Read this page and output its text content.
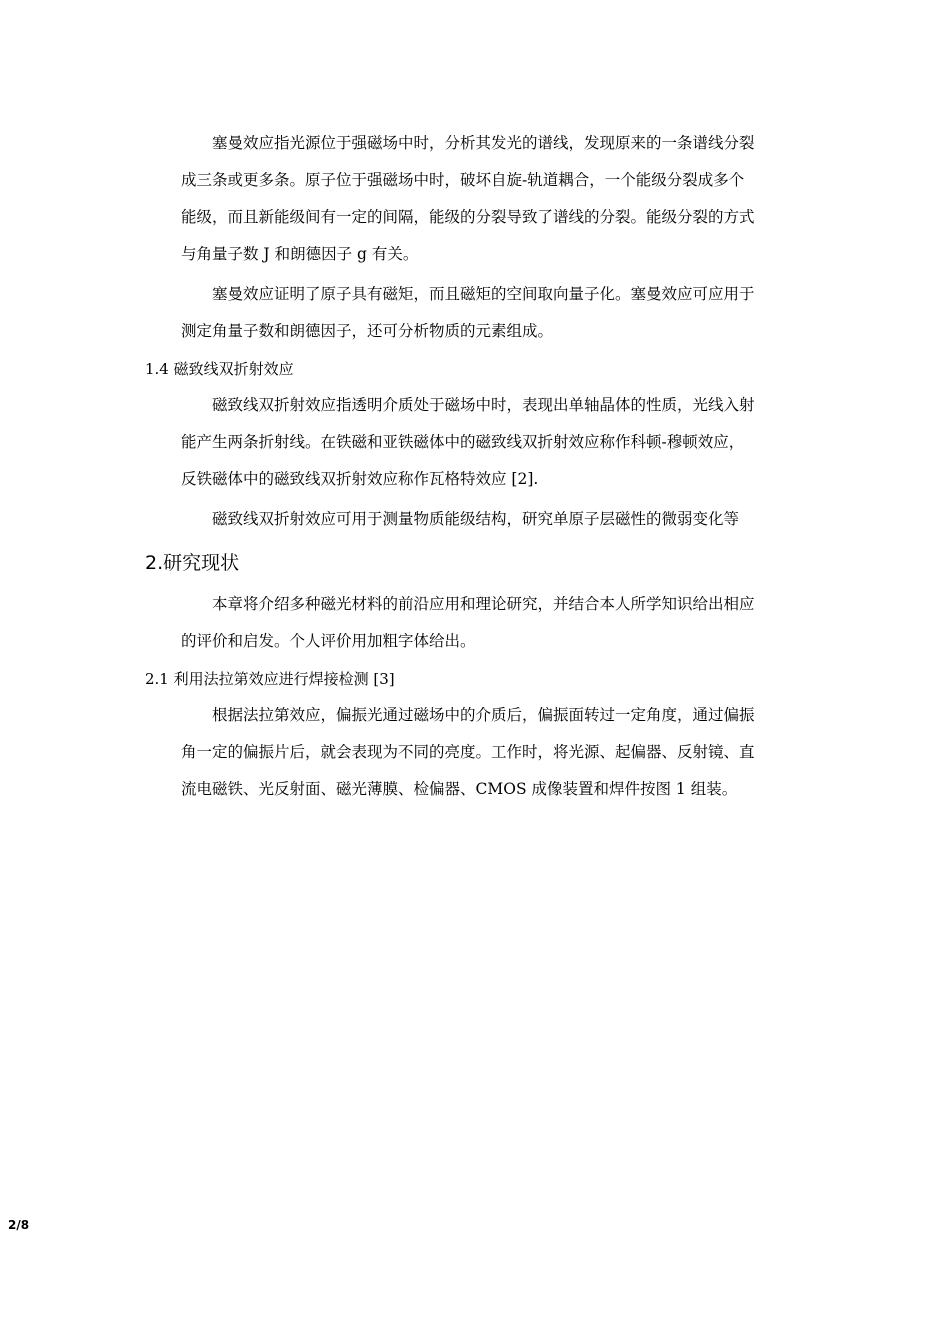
塞曼效应指光源位于强磁场中时，分析其发光的谱线，发现原来的一条谱线分裂
成三条或更多条。原子位于强磁场中时，破坏自旋-轨道耦合，一个能级分裂成多个
能级，而且新能级间有一定的间隔，能级的分裂导致了谱线的分裂。能级分裂的方式
与角量子数 J 和朗德因子 g 有关。
塞曼效应证明了原子具有磁矩，而且磁矩的空间取向量子化。塞曼效应可应用于
测定角量子数和朗德因子，还可分析物质的元素组成。
1.4 磁致线双折射效应
磁致线双折射效应指透明介质处于磁场中时，表现出单轴晶体的性质，光线入射
能产生两条折射线。在铁磁和亚铁磁体中的磁致线双折射效应称作科顿-穆顿效应，
反铁磁体中的磁致线双折射效应称作瓦格特效应 [2].
磁致线双折射效应可用于测量物质能级结构，研究单原子层磁性的微弱变化等
2.研究现状
本章将介绍多种磁光材料的前沿应用和理论研究，并结合本人所学知识给出相应
的评价和启发。个人评价用加粗字体给出。
2.1 利用法拉第效应进行焊接检测 [3]
根据法拉第效应，偏振光通过磁场中的介质后，偏振面转过一定角度，通过偏振
角一定的偏振片后，就会表现为不同的亮度。工作时，将光源、起偏器、反射镜、直
流电磁铁、光反射面、磁光薄膜、检偏器、CMOS 成像装置和焊件按图 1 组装。
2/8
